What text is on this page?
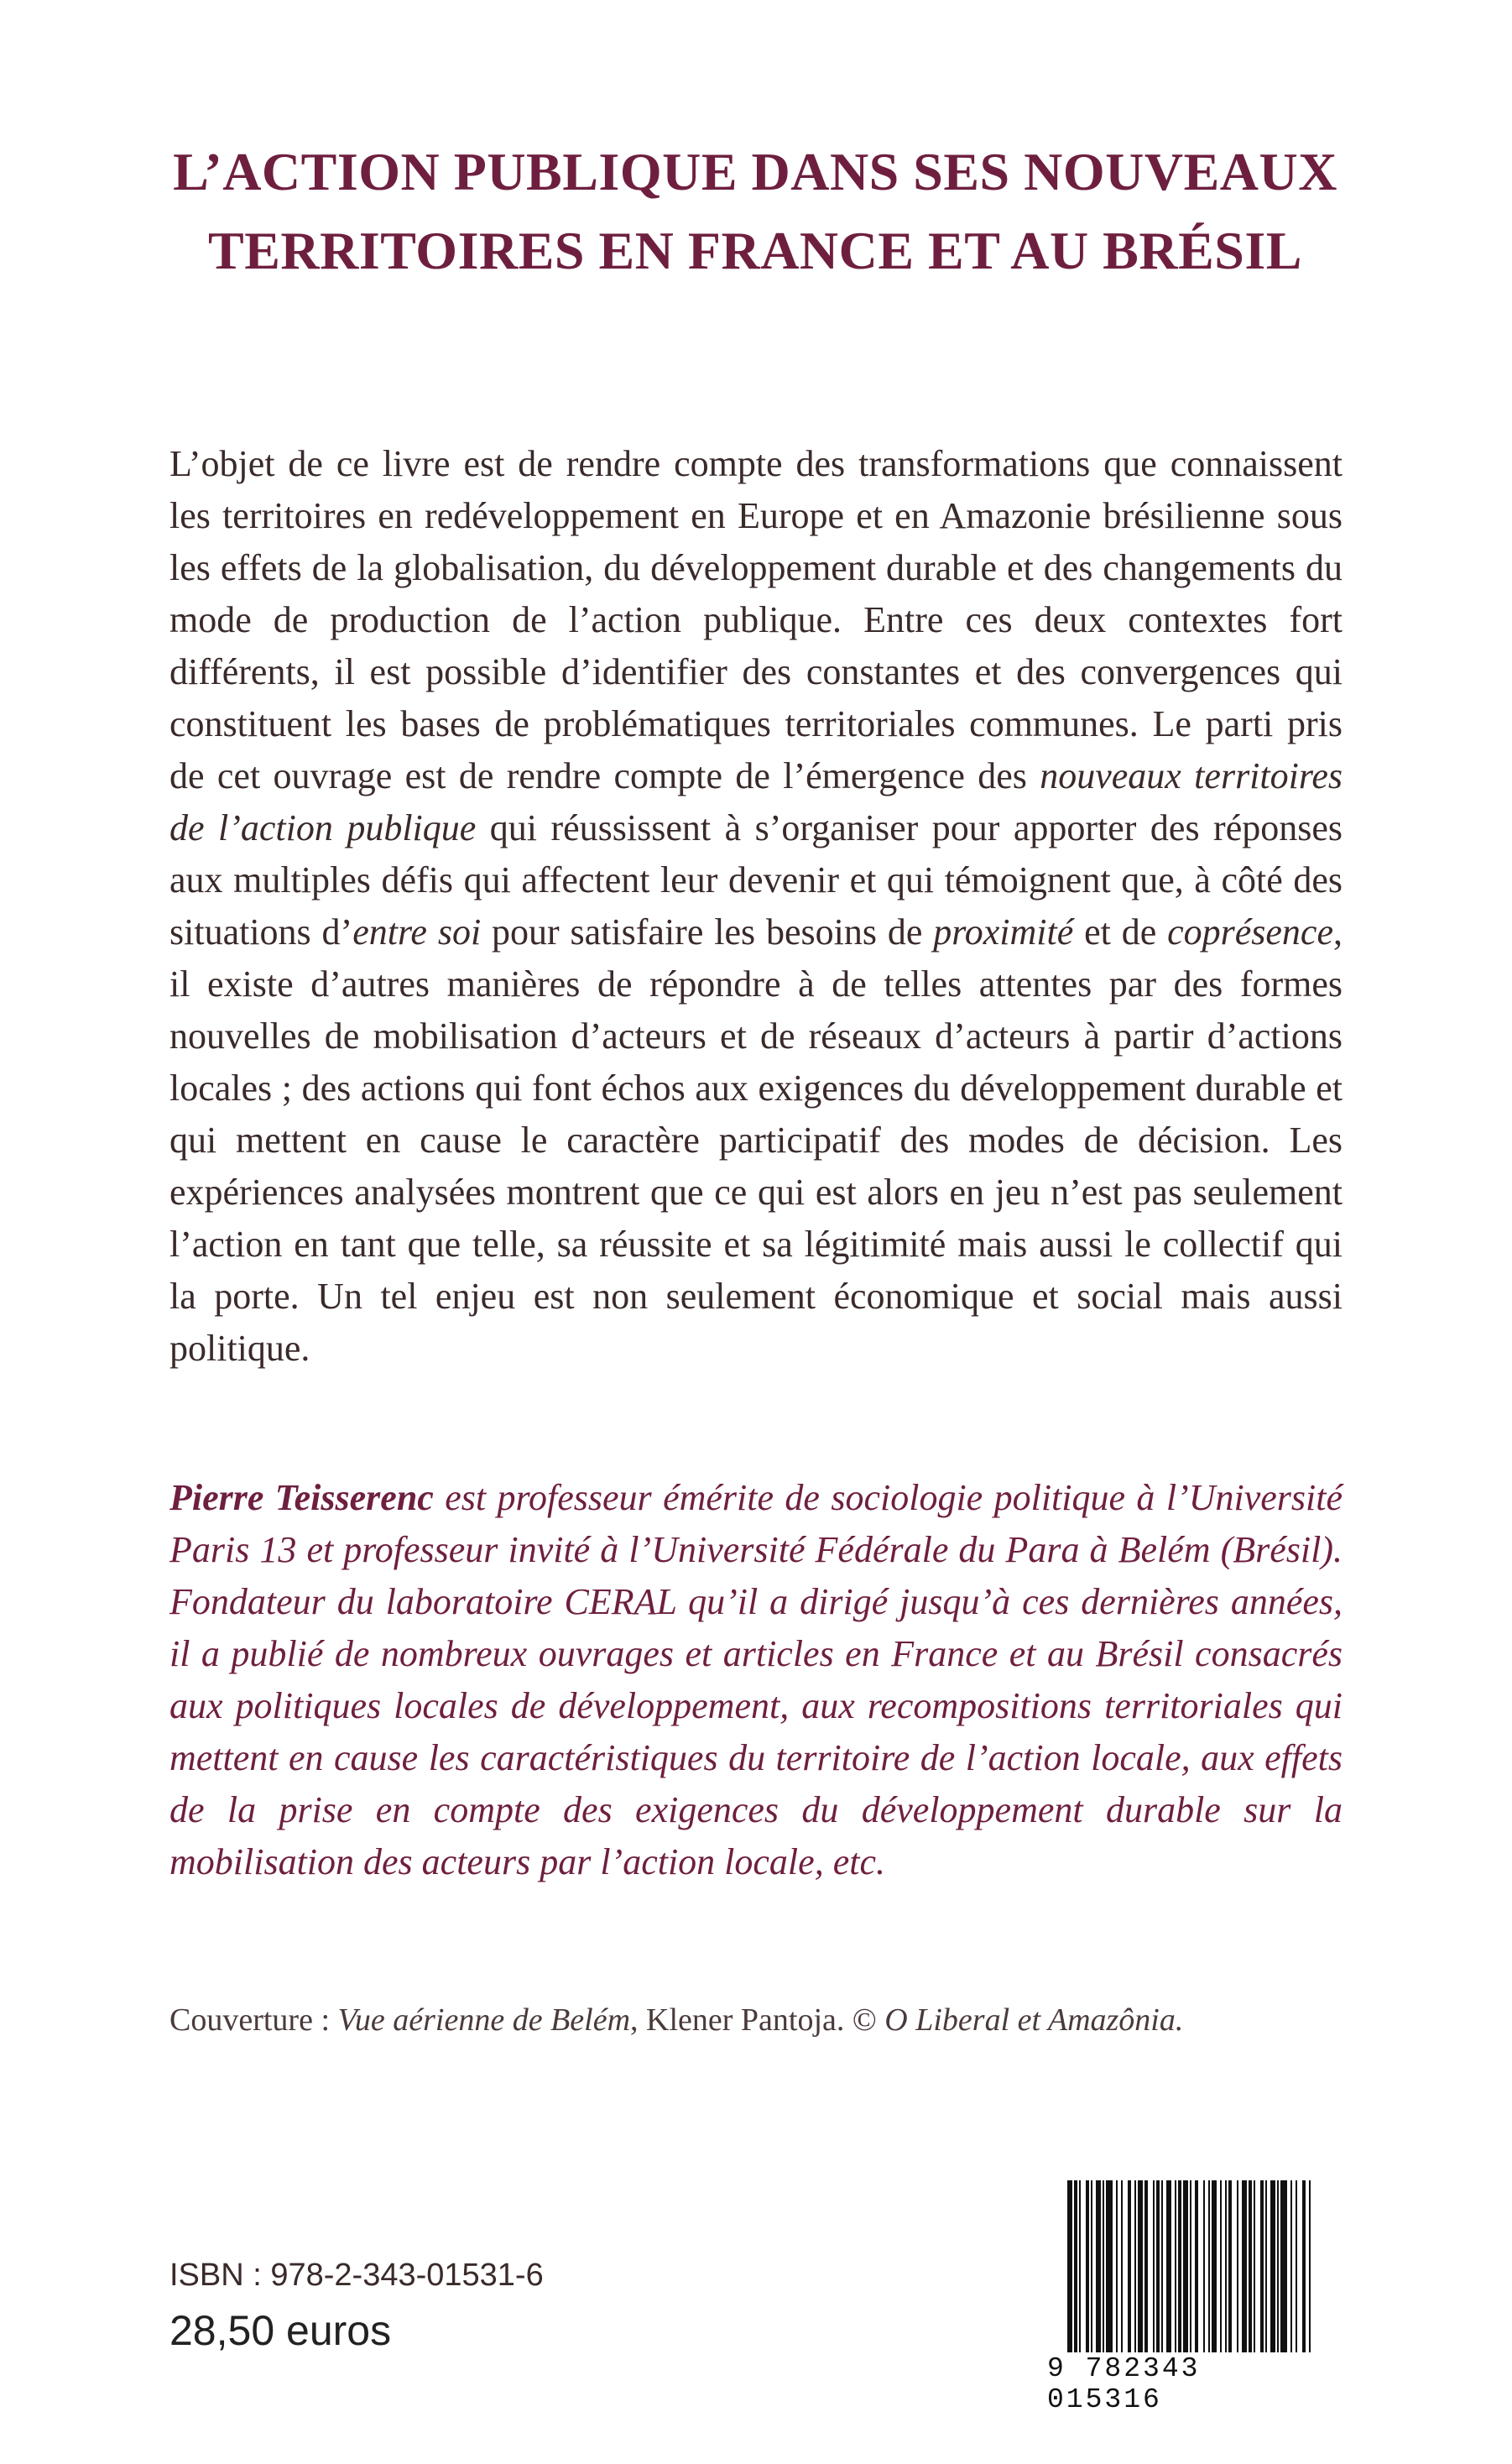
L’ACTION PUBLIQUE DANS SES NOUVEAUX
TERRITOIRES EN FRANCE ET AU BRÉSIL

L’objet de ce livre est de rendre compte des transformations que connaissent les territoires en redéveloppement en Europe et en Amazonie brésilienne sous les effets de la globalisation, du développement durable et des changements du mode de production de l’action publique. Entre ces deux contextes fort différents, il est possible d’identifier des constantes et des convergences qui constituent les bases de problématiques territoriales communes. Le parti pris de cet ouvrage est de rendre compte de l’émergence des nouveaux territoires de l’action publique qui réussissent à s’organiser pour apporter des réponses aux multiples défis qui affectent leur devenir et qui témoignent que, à côté des situations d’entre soi pour satisfaire les besoins de proximité et de coprésence, il existe d’autres manières de répondre à de telles attentes par des formes nouvelles de mobilisation d’acteurs et de réseaux d’acteurs à partir d’actions locales ; des actions qui font échos aux exigences du développement durable et qui mettent en cause le caractère participatif des modes de décision. Les expériences analysées montrent que ce qui est alors en jeu n’est pas seulement l’action en tant que telle, sa réussite et sa légitimité mais aussi le collectif qui la porte. Un tel enjeu est non seulement économique et social mais aussi politique.

Pierre Teisserenc est professeur émérite de sociologie politique à l’Université Paris 13 et professeur invité à l’Université Fédérale du Para à Belém (Brésil). Fondateur du laboratoire CERAL qu’il a dirigé jusqu’à ces dernières années, il a publié de nombreux ouvrages et articles en France et au Brésil consacrés aux politiques locales de développement, aux recompositions territoriales qui mettent en cause les caractéristiques du territoire de l’action locale, aux effets de la prise en compte des exigences du développement durable sur la mobilisation des acteurs par l’action locale, etc.

Couverture : Vue aérienne de Belém, Klener Pantoja. © O Liberal et Amazônia.

ISBN : 978-2-343-01531-6
28,50 euros
9 782343 015316
